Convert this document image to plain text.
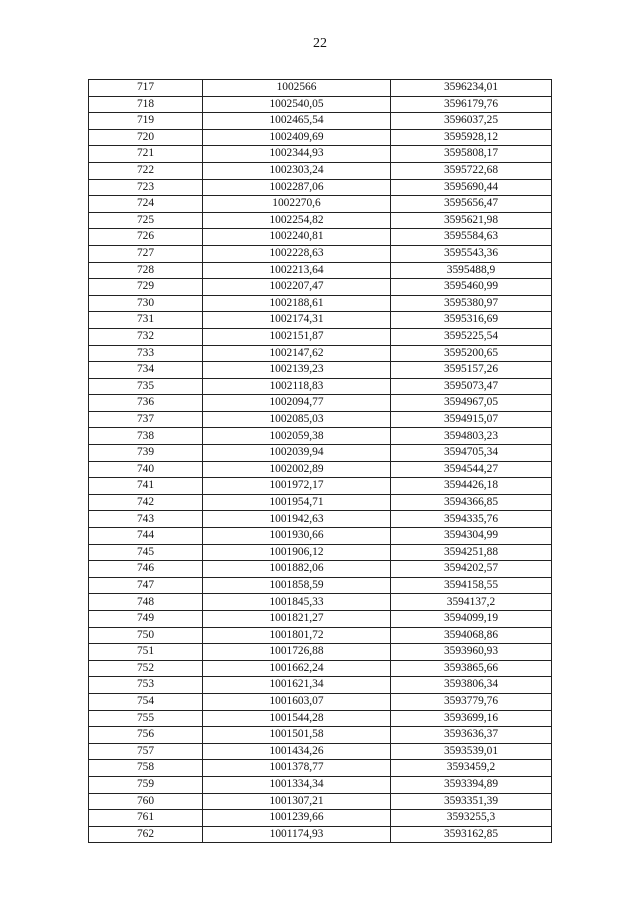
22
717	1002566	3596234,01
718	1002540,05	3596179,76
719	1002465,54	3596037,25
720	1002409,69	3595928,12
721	1002344,93	3595808,17
722	1002303,24	3595722,68
723	1002287,06	3595690,44
724	1002270,6	3595656,47
725	1002254,82	3595621,98
726	1002240,81	3595584,63
727	1002228,63	3595543,36
728	1002213,64	3595488,9
729	1002207,47	3595460,99
730	1002188,61	3595380,97
731	1002174,31	3595316,69
732	1002151,87	3595225,54
733	1002147,62	3595200,65
734	1002139,23	3595157,26
735	1002118,83	3595073,47
736	1002094,77	3594967,05
737	1002085,03	3594915,07
738	1002059,38	3594803,23
739	1002039,94	3594705,34
740	1002002,89	3594544,27
741	1001972,17	3594426,18
742	1001954,71	3594366,85
743	1001942,63	3594335,76
744	1001930,66	3594304,99
745	1001906,12	3594251,88
746	1001882,06	3594202,57
747	1001858,59	3594158,55
748	1001845,33	3594137,2
749	1001821,27	3594099,19
750	1001801,72	3594068,86
751	1001726,88	3593960,93
752	1001662,24	3593865,66
753	1001621,34	3593806,34
754	1001603,07	3593779,76
755	1001544,28	3593699,16
756	1001501,58	3593636,37
757	1001434,26	3593539,01
758	1001378,77	3593459,2
759	1001334,34	3593394,89
760	1001307,21	3593351,39
761	1001239,66	3593255,3
762	1001174,93	3593162,85
